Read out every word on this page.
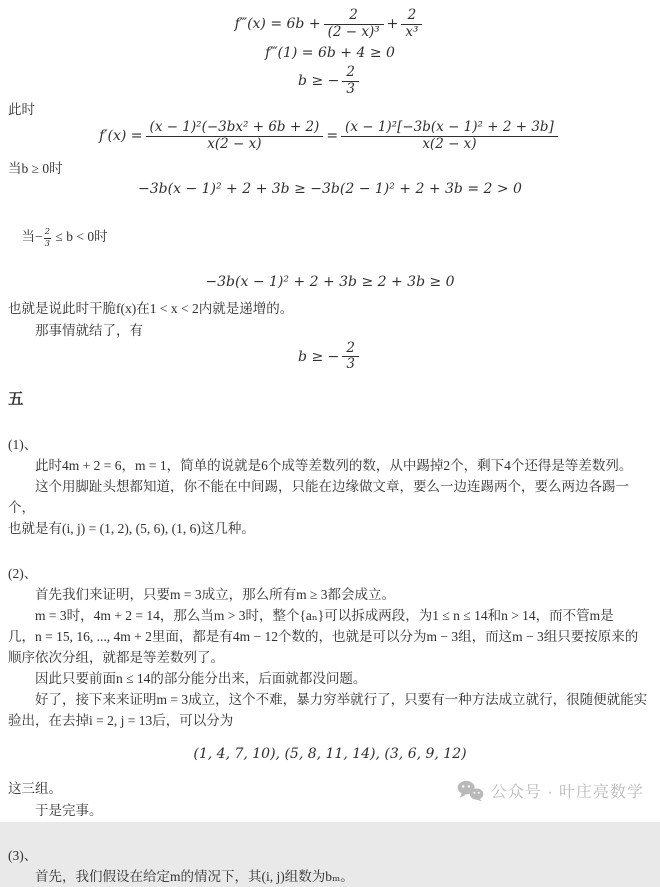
f‴(x) = $6b + \frac{2}{\text{(2 − x)³}} + \frac{2}{\text{x³}}$
f‴(1) = 6b + 4 ≥ 0
b ≥ − $\frac{2}{3}$
此时
$f'(x) = \frac{\text{(x − 1)²(−3bx² + 6b + 2)}}{x(2 - x)} = \frac{\text{(x − 1)²[−3b(x − 1)² + 2 + 3b]}}{x(2 - x)}$
当b ≥ 0时
−3b(x − 1)² + 2 + 3b ≥ −3b(2 − 1)² + 2 + 3b = 2 > 0

当− $\frac{2}{3} \le b < 0$时

−3b(x − 1)² + 2 + 3b ≥ 2 + 3b ≥ 0
也就是说此时干脆f(x)在1 < x < 2内就是递增的。
　　那事情就结了，有
b ≥ − $\frac{2}{3}$
五
(1)、
　　此时4m + 2 = 6，m = 1，简单的说就是6个成等差数列的数，从中踢掉2个，剩下4个还得是等差数列。
　　这个用脚趾头想都知道，你不能在中间踢，只能在边缘做文章，要么一边连踢两个，要么两边各踢一个，
也就是有(i, j) = (1, 2), (5, 6), (1, 6)这几种。
(2)、
　　首先我们来证明，只要m = 3成立，那么所有m ≥ 3都会成立。
　　m = 3时，4m + 2 = 14，那么当m > 3时，整个{aₙ}可以拆成两段，为1 ≤ n ≤ 14和n > 14，而不管m是
几，n = 15, 16, ..., 4m + 2里面，都是有4m − 12个数的，也就是可以分为m − 3组，而这m − 3组只要按原来的
顺序依次分组，就都是等差数列了。
　　因此只要前面n ≤ 14的部分能分出来，后面就都没问题。
　　好了，接下来来证明m = 3成立，这个不难，暴力穷举就行了，只要有一种方法成立就行，很随便就能实
验出，在去掉i = 2, j = 13后，可以分为
(1, 4, 7, 10), (5, 8, 11, 14), (3, 6, 9, 12)
这三组。
　　于是完事。
(3)、
　　首先，我们假设在给定m的情况下，其(i, j)组数为bₘ。
公众号 · 叶庄亮数学
